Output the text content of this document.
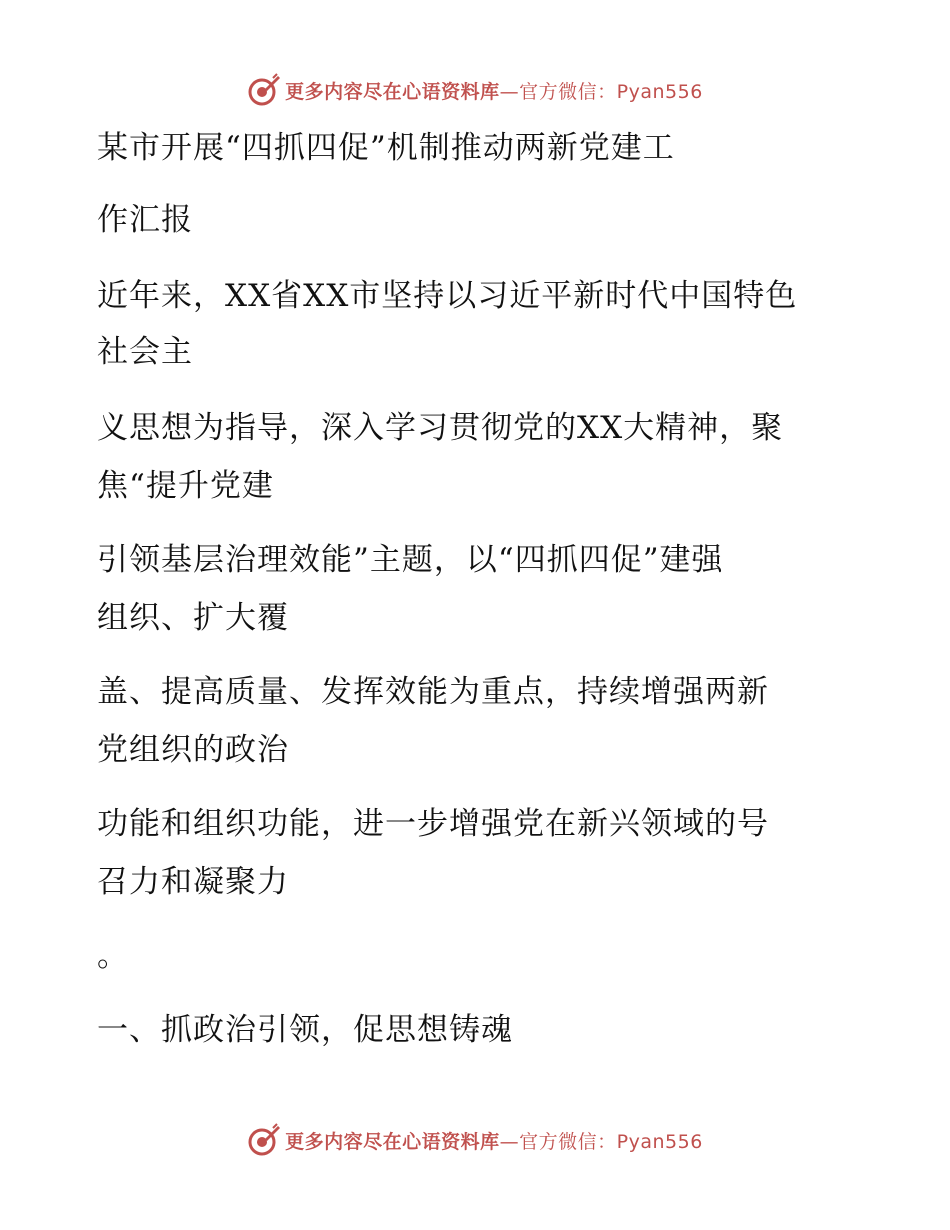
更多内容尽在心语资料库—官方微信：Pyan556
某市开展“四抓四促”机制推动两新党建工
作汇报
近年来，XX省XX市坚持以习近平新时代中国特色
社会主
义思想为指导，深入学习贯彻党的XX大精神，聚
焦“提升党建
引领基层治理效能”主题，以“四抓四促”建强
组织、扩大覆
盖、提高质量、发挥效能为重点，持续增强两新
党组织的政治
功能和组织功能，进一步增强党在新兴领域的号
召力和凝聚力
。
一、抓政治引领，促思想铸魂
更多内容尽在心语资料库—官方微信：Pyan556
